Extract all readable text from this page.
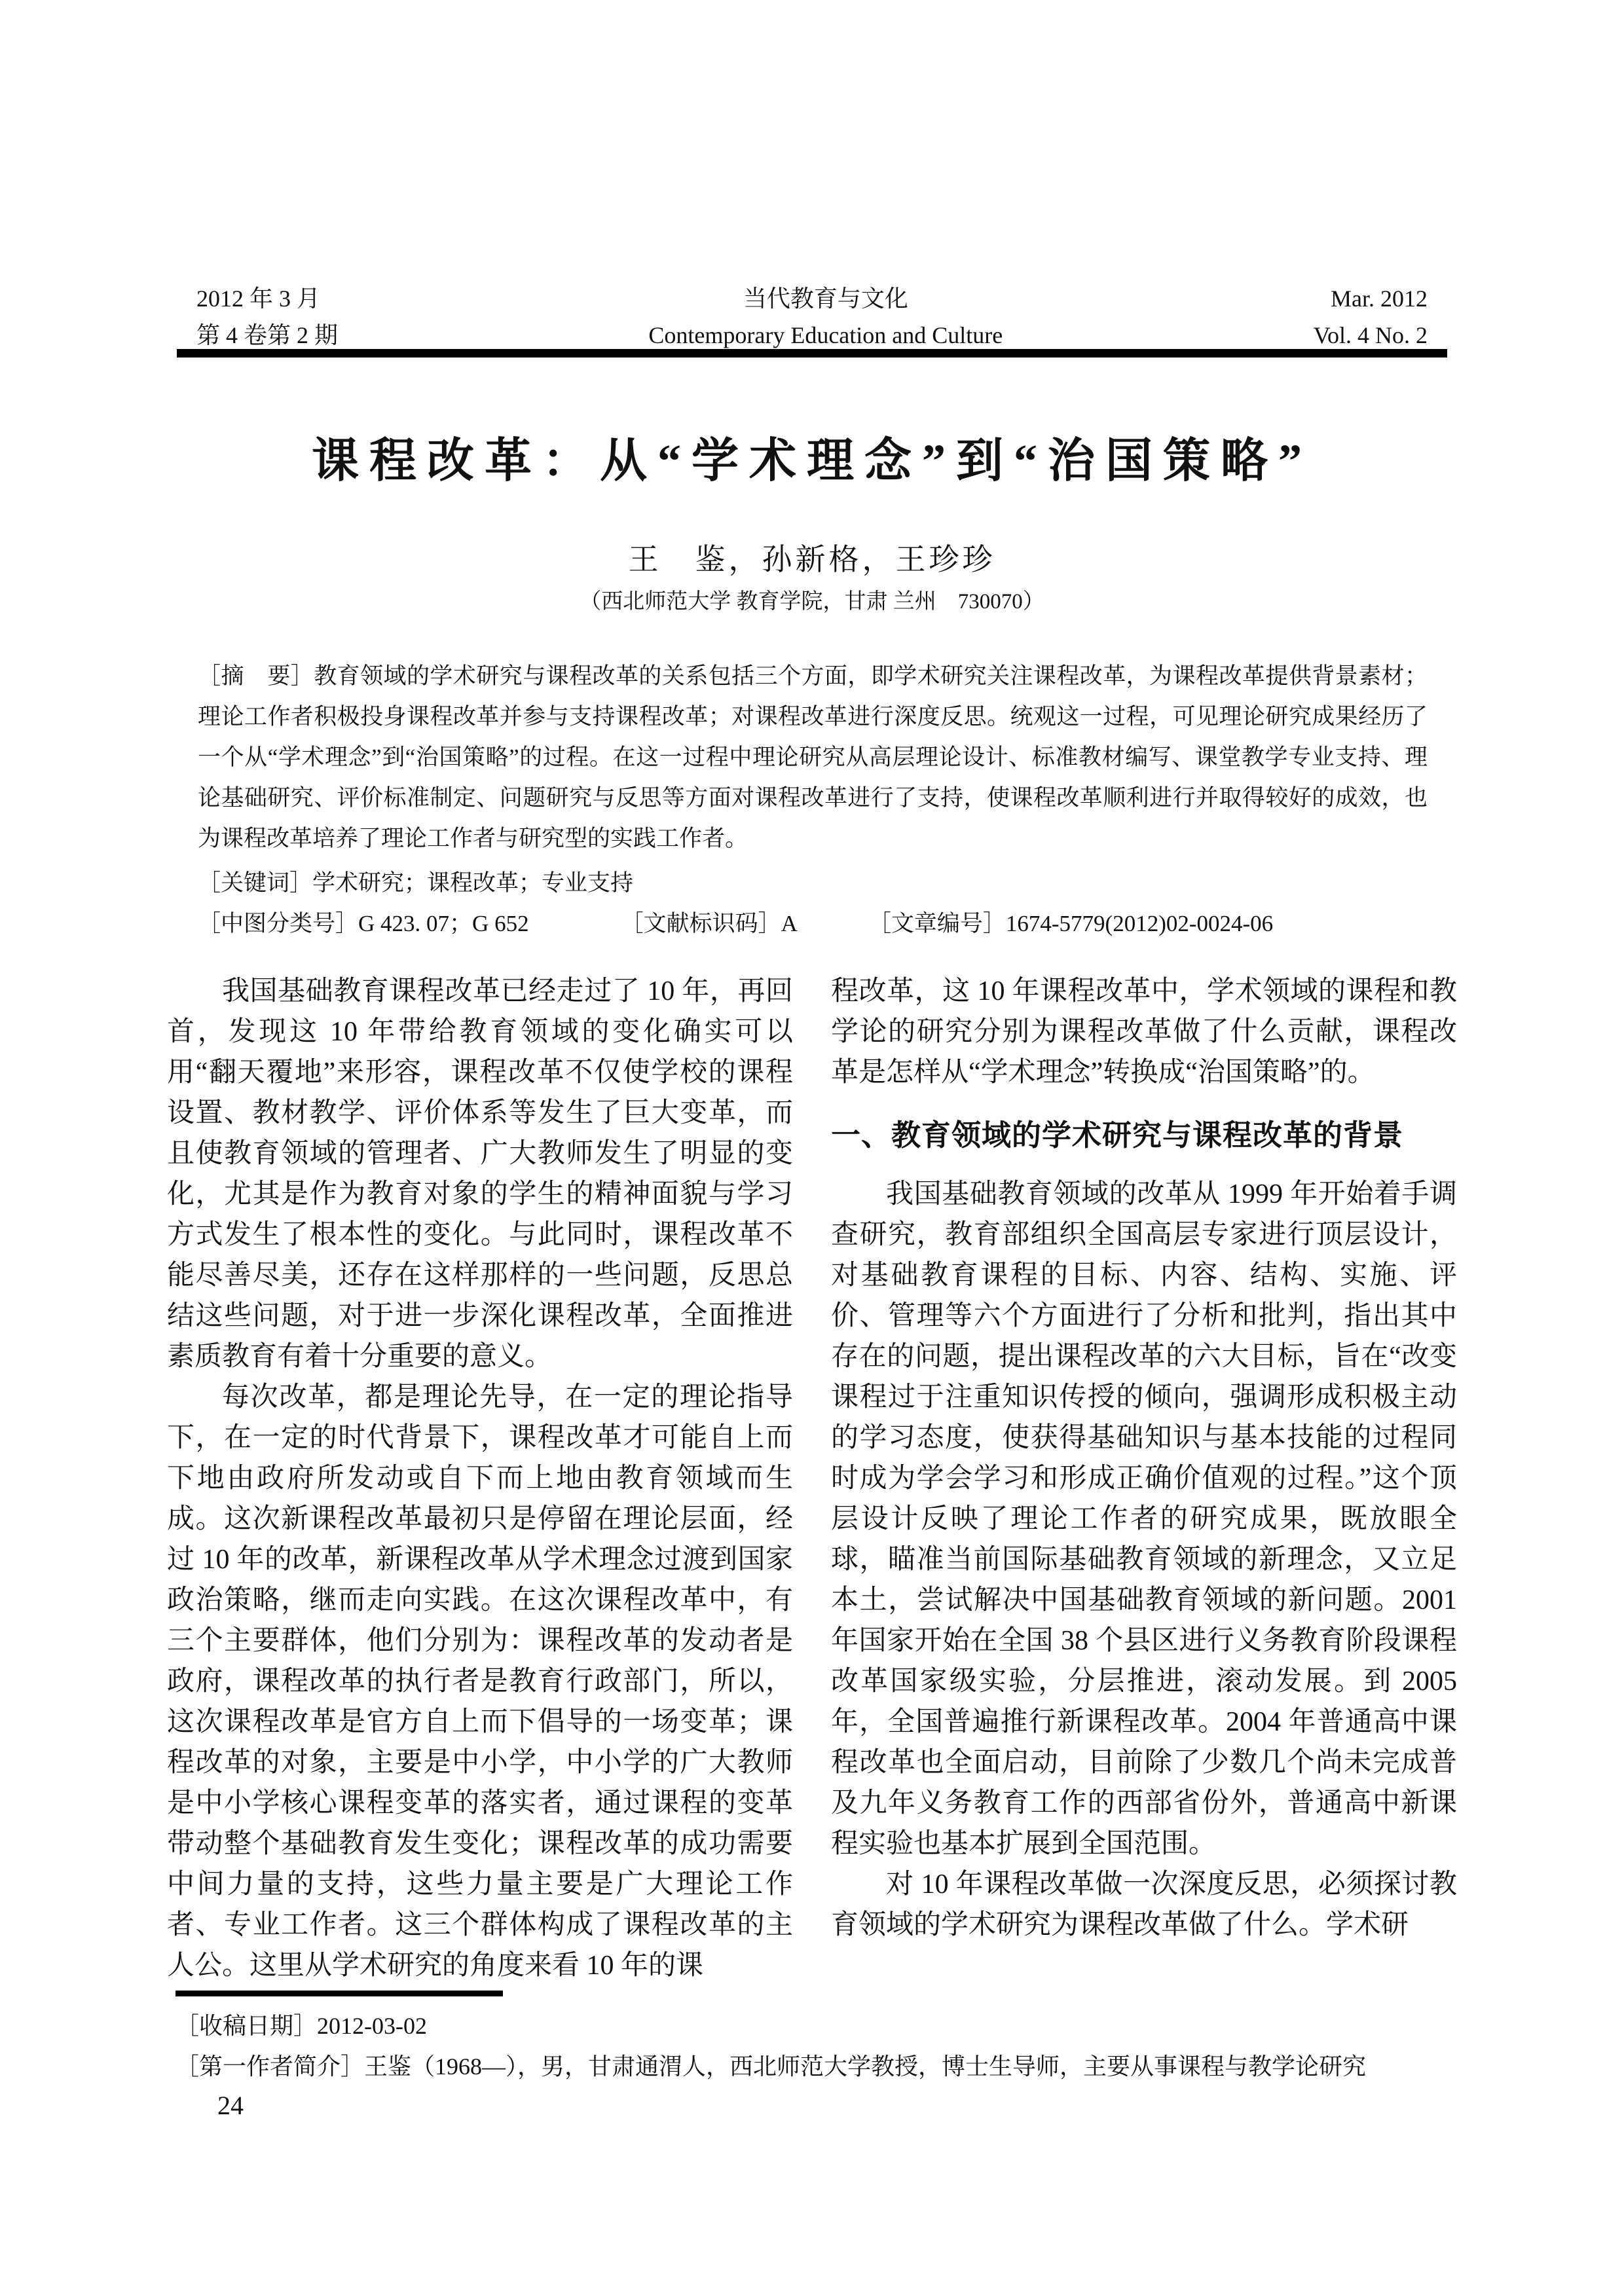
2012 年 3 月
第 4 卷第 2 期
当代教育与文化
Contemporary Education and Culture
Mar. 2012
Vol. 4 No. 2
课程改革：从“学术理念”到“治国策略”
王　鉴，孙新格，王珍珍
（西北师范大学 教育学院，甘肃 兰州　730070）

［摘　要］教育领域的学术研究与课程改革的关系包括三个方面，即学术研究关注课程改革，为课程改革提供背景素材；理论工作者积极投身课程改革并参与支持课程改革；对课程改革进行深度反思。统观这一过程，可见理论研究成果经历了一个从“学术理念”到“治国策略”的过程。在这一过程中理论研究从高层理论设计、标准教材编写、课堂教学专业支持、理论基础研究、评价标准制定、问题研究与反思等方面对课程改革进行了支持，使课程改革顺利进行并取得较好的成效，也为课程改革培养了理论工作者与研究型的实践工作者。

［关键词］学术研究；课程改革；专业支持

［中图分类号］G 423. 07；G 652	［文献标识码］A	［文章编号］1674-5779(2012)02-0024-06

我国基础教育课程改革已经走过了 10 年，再回首，发现这 10 年带给教育领域的变化确实可以用“翻天覆地”来形容，课程改革不仅使学校的课程设置、教材教学、评价体系等发生了巨大变革，而且使教育领域的管理者、广大教师发生了明显的变化，尤其是作为教育对象的学生的精神面貌与学习方式发生了根本性的变化。与此同时，课程改革不能尽善尽美，还存在这样那样的一些问题，反思总结这些问题，对于进一步深化课程改革，全面推进素质教育有着十分重要的意义。

每次改革，都是理论先导，在一定的理论指导下，在一定的时代背景下，课程改革才可能自上而下地由政府所发动或自下而上地由教育领域而生成。这次新课程改革最初只是停留在理论层面，经过 10 年的改革，新课程改革从学术理念过渡到国家政治策略，继而走向实践。在这次课程改革中，有三个主要群体，他们分别为：课程改革的发动者是政府，课程改革的执行者是教育行政部门，所以，这次课程改革是官方自上而下倡导的一场变革；课程改革的对象，主要是中小学，中小学的广大教师是中小学核心课程变革的落实者，通过课程的变革带动整个基础教育发生变化；课程改革的成功需要中间力量的支持，这些力量主要是广大理论工作者、专业工作者。这三个群体构成了课程改革的主人公。这里从学术研究的角度来看 10 年的课

程改革，这 10 年课程改革中，学术领域的课程和教学论的研究分别为课程改革做了什么贡献，课程改革是怎样从“学术理念”转换成“治国策略”的。

一、教育领域的学术研究与课程改革的背景

我国基础教育领域的改革从 1999 年开始着手调查研究，教育部组织全国高层专家进行顶层设计，对基础教育课程的目标、内容、结构、实施、评价、管理等六个方面进行了分析和批判，指出其中存在的问题，提出课程改革的六大目标，旨在“改变课程过于注重知识传授的倾向，强调形成积极主动的学习态度，使获得基础知识与基本技能的过程同时成为学会学习和形成正确价值观的过程。”这个顶层设计反映了理论工作者的研究成果，既放眼全球，瞄准当前国际基础教育领域的新理念，又立足本土，尝试解决中国基础教育领域的新问题。2001 年国家开始在全国 38 个县区进行义务教育阶段课程改革国家级实验，分层推进，滚动发展。到 2005 年，全国普遍推行新课程改革。2004 年普通高中课程改革也全面启动，目前除了少数几个尚未完成普及九年义务教育工作的西部省份外，普通高中新课程实验也基本扩展到全国范围。

对 10 年课程改革做一次深度反思，必须探讨教育领域的学术研究为课程改革做了什么。学术研

［收稿日期］2012-03-02
［第一作者简介］王鉴（1968—），男，甘肃通渭人，西北师范大学教授，博士生导师，主要从事课程与教学论研究
24
